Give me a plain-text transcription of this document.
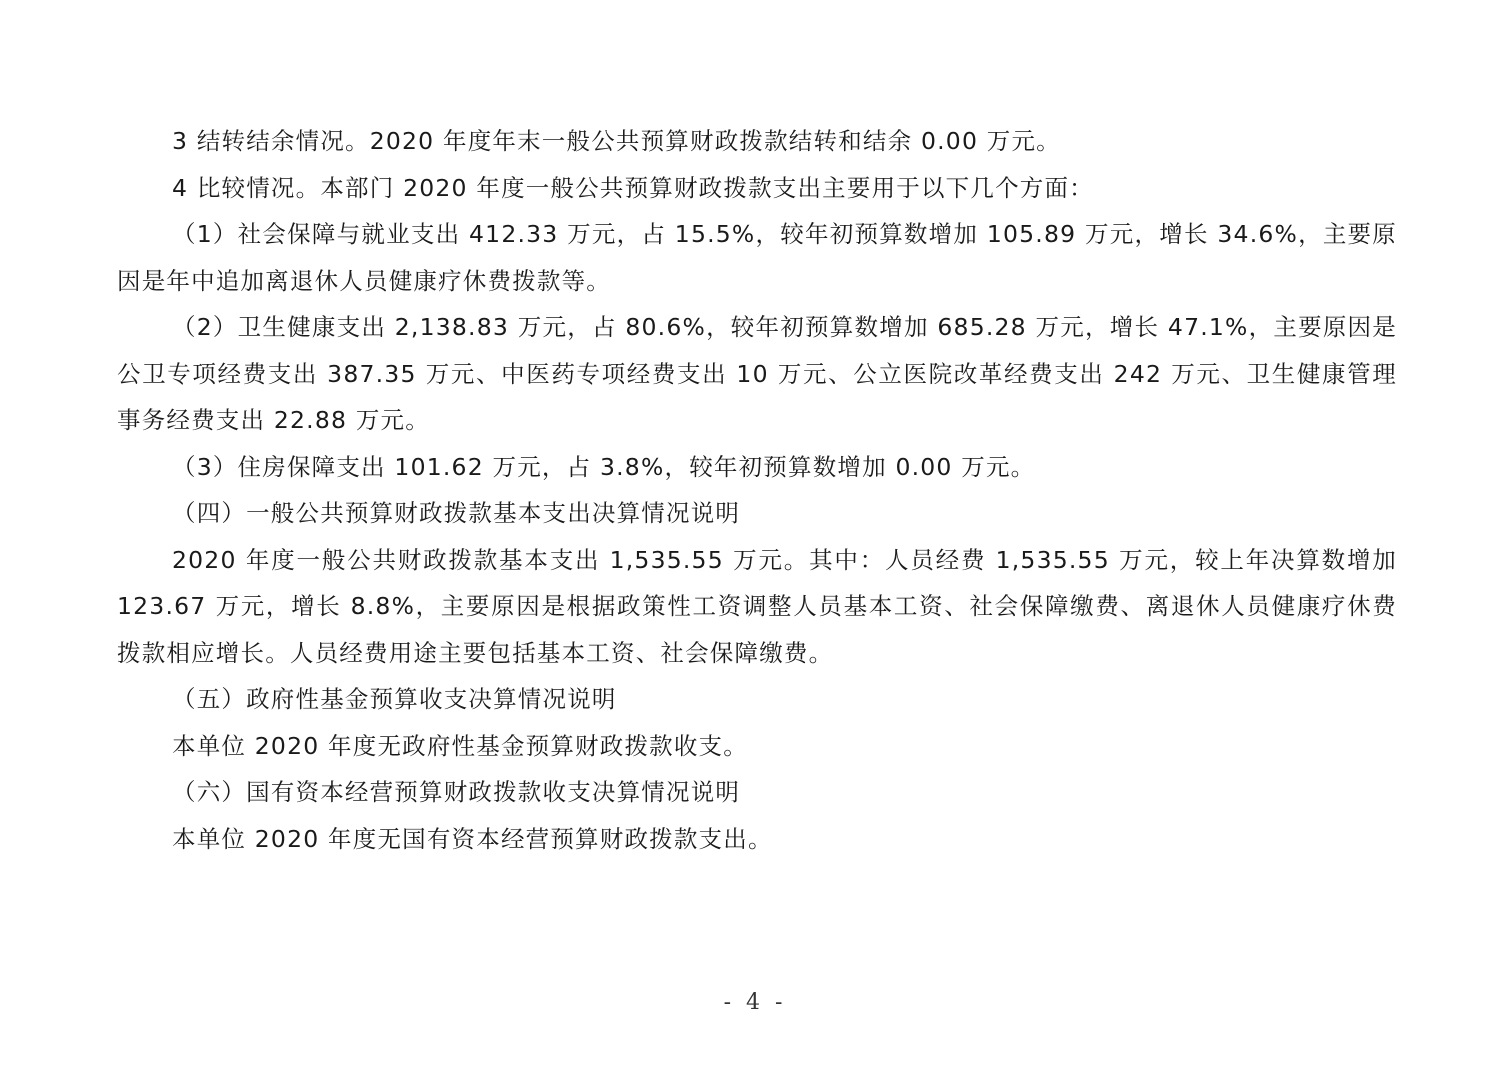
3 结转结余情况。2020 年度年末一般公共预算财政拨款结转和结余 0.00 万元。

4 比较情况。本部门 2020 年度一般公共预算财政拨款支出主要用于以下几个方面：

（1）社会保障与就业支出 412.33 万元，占 15.5%，较年初预算数增加 105.89 万元，增长 34.6%，主要原因是年中追加离退休人员健康疗休费拨款等。

（2）卫生健康支出 2,138.83 万元，占 80.6%，较年初预算数增加 685.28 万元，增长 47.1%，主要原因是公卫专项经费支出 387.35 万元、中医药专项经费支出 10 万元、公立医院改革经费支出 242 万元、卫生健康管理事务经费支出 22.88 万元。

（3）住房保障支出 101.62 万元，占 3.8%，较年初预算数增加 0.00 万元。

（四）一般公共预算财政拨款基本支出决算情况说明

2020 年度一般公共财政拨款基本支出 1,535.55 万元。其中：人员经费 1,535.55 万元，较上年决算数增加 123.67 万元，增长 8.8%，主要原因是根据政策性工资调整人员基本工资、社会保障缴费、离退休人员健康疗休费拨款相应增长。人员经费用途主要包括基本工资、社会保障缴费。

（五）政府性基金预算收支决算情况说明

本单位 2020 年度无政府性基金预算财政拨款收支。

（六）国有资本经营预算财政拨款收支决算情况说明

本单位 2020 年度无国有资本经营预算财政拨款支出。

- 4 -
